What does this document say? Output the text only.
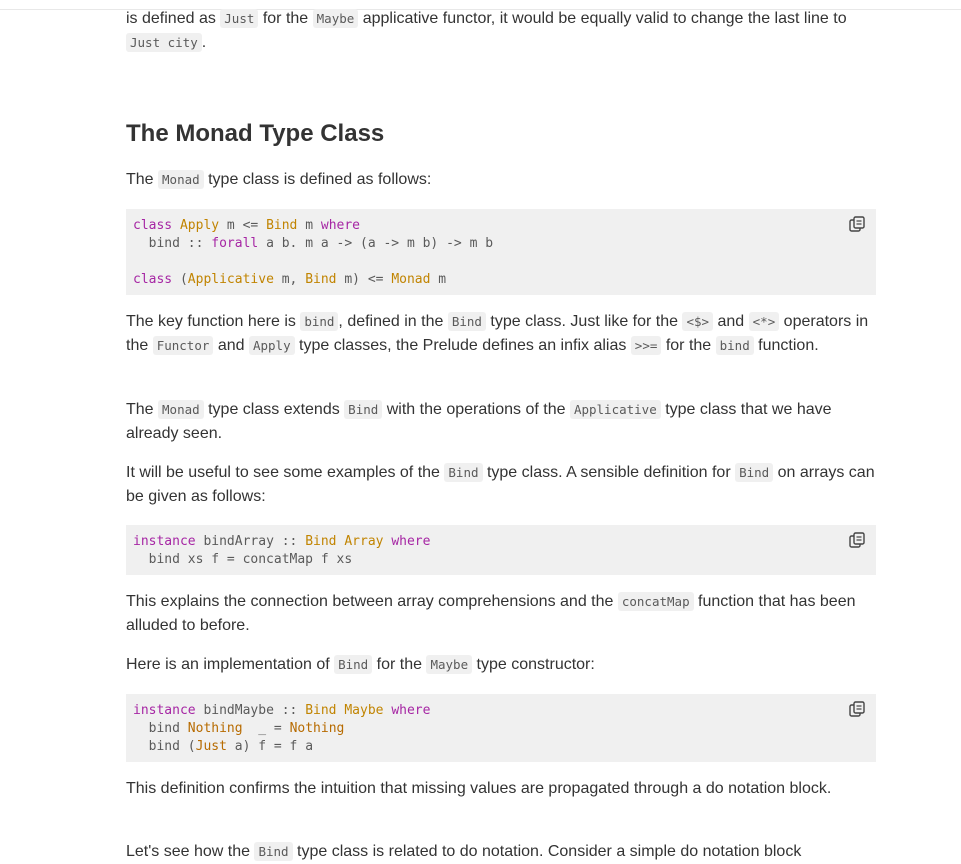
is defined as Just for the Maybe applicative functor, it would be equally valid to change the last line to Just city .

The Monad Type Class

The Monad type class is defined as follows:

class Apply m <= Bind m where
bind :: forall a b. m a -> (a -> m b) -> m b

class (Applicative m, Bind m) <= Monad m

The key function here is bind , defined in the Bind type class. Just like for the <$> and <*> operators in the Functor and Apply type classes, the Prelude defines an infix alias >>= for the bind function.

The Monad type class extends Bind with the operations of the Applicative type class that we have already seen.

It will be useful to see some examples of the Bind type class. A sensible definition for Bind on arrays can be given as follows:

instance bindArray :: Bind Array where
bind xs f = concatMap f xs

This explains the connection between array comprehensions and the concatMap function that has been alluded to before.

Here is an implementation of Bind for the Maybe type constructor:

instance bindMaybe :: Bind Maybe where
bind Nothing  _ = Nothing
bind (Just a) f = f a

This definition confirms the intuition that missing values are propagated through a do notation block.

Let's see how the Bind type class is related to do notation. Consider a simple do notation block
